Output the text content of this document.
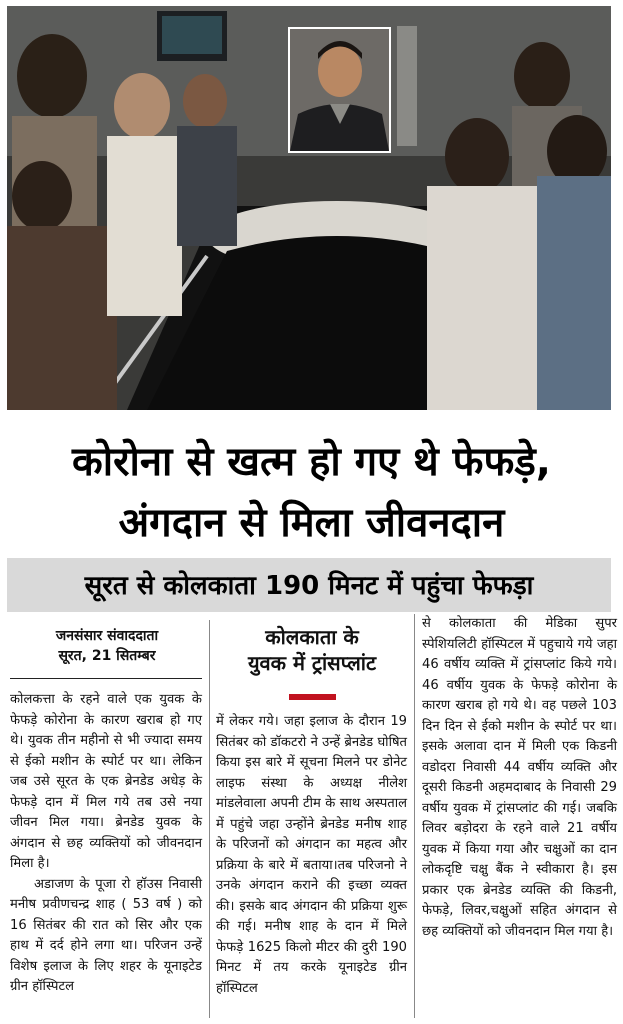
कोरोना से खत्म हो गए थे फेफड़े,
अंगदान से मिला जीवनदान
सूरत से कोलकाता 190 मिनट में पहुंचा फेफड़ा
जनसंसार संवाददाता
सूरत, 21 सितम्बर

कोलकत्ता के रहने वाले एक युवक के फेफड़े कोरोना के कारण खराब हो गए थे। युवक तीन महीनो से भी ज्यादा समय से ईको मशीन के स्पोर्ट पर था। लेकिन जब उसे सूरत के एक ब्रेनडेड अधेड़ के फेफड़े दान में मिल गये तब उसे नया जीवन मिल गया। ब्रेनडेड युवक के अंगदान से छह व्यक्तियों को जीवनदान मिला है।

अडाजण के पूजा रो हॉउस निवासी मनीष प्रवीणचन्द्र शाह ( 53 वर्ष ) को 16 सितंबर की रात को सिर और एक हाथ में दर्द होने लगा था। परिजन उन्हें विशेष इलाज के लिए शहर के यूनाइटेड ग्रीन हॉस्पिटल

कोलकाता के
युवक में ट्रांसप्लांट

में लेकर गये। जहा इलाज के दौरान 19 सितंबर को डॉकटरो ने उन्हें ब्रेनडेड घोषित किया इस बारे में सूचना मिलने पर डोनेट लाइफ संस्था के अध्यक्ष नीलेश मांडलेवाला अपनी टीम के साथ अस्पताल में पहुंचे जहा उन्होंने ब्रेनडेड मनीष शाह के परिजनों को अंगदान का महत्व और प्रक्रिया के बारे में बताया।तब परिजनो ने उनके अंगदान कराने की इच्छा व्यक्त की। इसके बाद अंगदान की प्रक्रिया शुरू की गई। मनीष शाह के दान में मिले फेफड़े 1625 किलो मीटर की दुरी 190 मिनट में तय करके यूनाइटेड ग्रीन हॉस्पिटल

से कोलकाता की मेडिका सुपर स्पेशियलिटी हॉस्पिटल में पहुचाये गये जहा 46 वर्षीय व्यक्ति में ट्रांसप्लांट किये गये।46 वर्षीय युवक के फेफड़े कोरोना के कारण खराब हो गये थे। वह पछले 103 दिन दिन से ईको मशीन के स्पोर्ट पर था। इसके अलावा दान में मिली एक किडनी वडोदरा निवासी 44 वर्षीय व्यक्ति और दूसरी किडनी अहमदाबाद के निवासी 29 वर्षीय युवक में ट्रांसप्लांट की गई। जबकि लिवर बड़ोदरा के रहने वाले 21 वर्षीय युवक में किया गया और चक्षुओं का दान लोकदृष्टि चक्षु बैंक ने स्वीकारा है। इस प्रकार एक ब्रेनडेड व्यक्ति की किडनी, फेफड़े, लिवर,चक्षुओं सहित अंगदान से छह व्यक्तियों को जीवनदान मिल गया है।
